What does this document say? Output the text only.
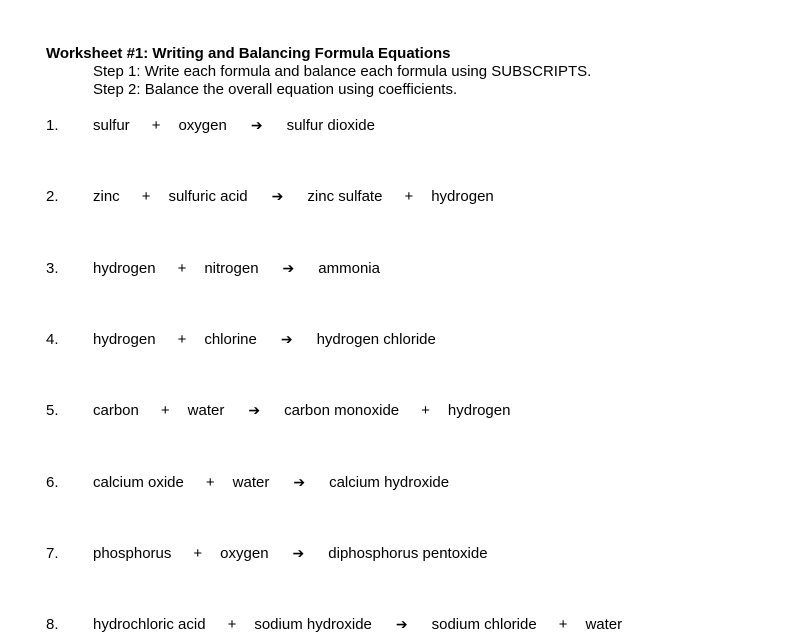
Worksheet #1: Writing and Balancing Formula Equations
Step 1: Write each formula and balance each formula using SUBSCRIPTS.
Step 2: Balance the overall equation using coefficients.
1. sulfur + oxygen ➔ sulfur dioxide
2. zinc + sulfuric acid ➔ zinc sulfate + hydrogen
3. hydrogen + nitrogen ➔ ammonia
4. hydrogen + chlorine ➔ hydrogen chloride
5. carbon + water ➔ carbon monoxide + hydrogen
6. calcium oxide + water ➔ calcium hydroxide
7. phosphorus + oxygen ➔ diphosphorus pentoxide
8. hydrochloric acid + sodium hydroxide ➔ sodium chloride + water
